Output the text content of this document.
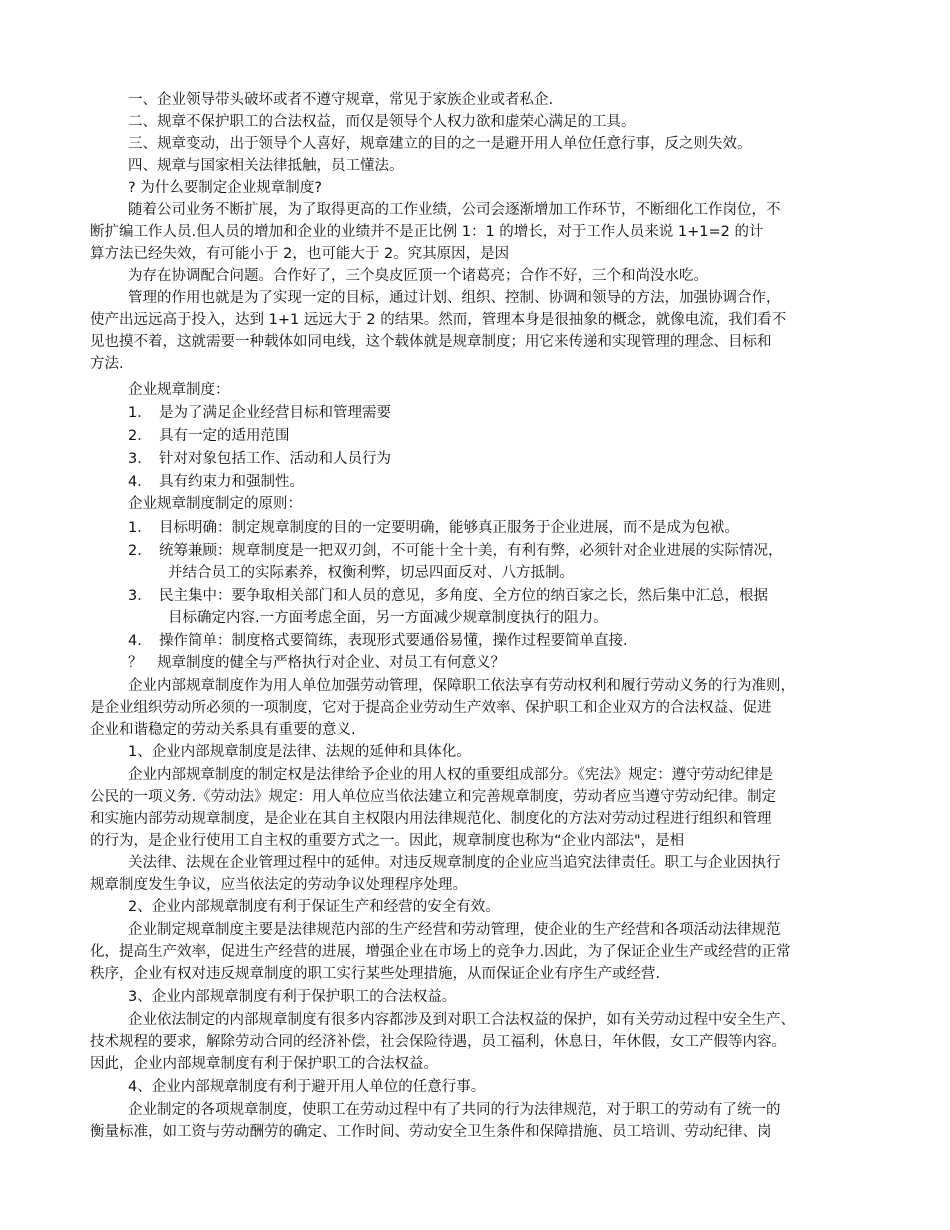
一、企业领导带头破坏或者不遵守规章，常见于家族企业或者私企.
二、规章不保护职工的合法权益，而仅是领导个人权力欲和虚荣心满足的工具。
三、规章变动，出于领导个人喜好，规章建立的目的之一是避开用人单位任意行事，反之则失效。
四、规章与国家相关法律抵触，员工懂法。
? 为什么要制定企业规章制度?
随着公司业务不断扩展，为了取得更高的工作业绩，公司会逐渐增加工作环节，不断细化工作岗位，不
断扩编工作人员.但人员的增加和企业的业绩并不是正比例 1：1 的增长，对于工作人员来说 1+1=2 的计
算方法已经失效，有可能小于 2，也可能大于 2。究其原因，是因
为存在协调配合问题。合作好了，三个臭皮匠顶一个诸葛亮；合作不好，三个和尚没水吃。
管理的作用也就是为了实现一定的目标，通过计划、组织、控制、协调和领导的方法，加强协调合作，
使产出远远高于投入，达到 1+1 远远大于 2 的结果。然而，管理本身是很抽象的概念，就像电流，我们看不
见也摸不着，这就需要一种载体如同电线，这个载体就是规章制度；用它来传递和实现管理的理念、目标和
方法.
企业规章制度：
1．　是为了满足企业经营目标和管理需要
2．　具有一定的适用范围
3．　针对对象包括工作、活动和人员行为
4．　具有约束力和强制性。
企业规章制度制定的原则：
1．　目标明确：制定规章制度的目的一定要明确，能够真正服务于企业进展，而不是成为包袱。
2．　统筹兼顾：规章制度是一把双刃剑，不可能十全十美，有利有弊，必须针对企业进展的实际情况，
并结合员工的实际素养，权衡利弊，切忌四面反对、八方抵制。
3．　民主集中：要争取相关部门和人员的意见，多角度、全方位的纳百家之长，然后集中汇总，根据
目标确定内容.一方面考虑全面，另一方面减少规章制度执行的阻力。
4．　操作简单：制度格式要简练，表现形式要通俗易懂，操作过程要简单直接.
？　规章制度的健全与严格执行对企业、对员工有何意义？
企业内部规章制度作为用人单位加强劳动管理，保障职工依法享有劳动权利和履行劳动义务的行为准则，
是企业组织劳动所必须的一项制度，它对于提高企业劳动生产效率、保护职工和企业双方的合法权益、促进
企业和谐稳定的劳动关系具有重要的意义.
1、企业内部规章制度是法律、法规的延伸和具体化。
企业内部规章制度的制定权是法律给予企业的用人权的重要组成部分。《宪法》规定：遵守劳动纪律是
公民的一项义务.《劳动法》规定：用人单位应当依法建立和完善规章制度，劳动者应当遵守劳动纪律。制定
和实施内部劳动规章制度，是企业在其自主权限内用法律规范化、制度化的方法对劳动过程进行组织和管理
的行为，是企业行使用工自主权的重要方式之一。因此，规章制度也称为“企业内部法"，是相
关法律、法规在企业管理过程中的延伸。对违反规章制度的企业应当追究法律责任。职工与企业因执行
规章制度发生争议，应当依法定的劳动争议处理程序处理。
2、企业内部规章制度有利于保证生产和经营的安全有效。
企业制定规章制度主要是法律规范内部的生产经营和劳动管理，使企业的生产经营和各项活动法律规范
化，提高生产效率，促进生产经营的进展，增强企业在市场上的竞争力.因此，为了保证企业生产或经营的正常
秩序，企业有权对违反规章制度的职工实行某些处理措施，从而保证企业有序生产或经营.
3、企业内部规章制度有利于保护职工的合法权益。
企业依法制定的内部规章制度有很多内容都涉及到对职工合法权益的保护，如有关劳动过程中安全生产、
技术规程的要求，解除劳动合同的经济补偿，社会保险待遇，员工福利，休息日，年休假，女工产假等内容。
因此，企业内部规章制度有利于保护职工的合法权益。
4、企业内部规章制度有利于避开用人单位的任意行事。
企业制定的各项规章制度，使职工在劳动过程中有了共同的行为法律规范，对于职工的劳动有了统一的
衡量标准，如工资与劳动酬劳的确定、工作时间、劳动安全卫生条件和保障措施、员工培训、劳动纪律、岗
